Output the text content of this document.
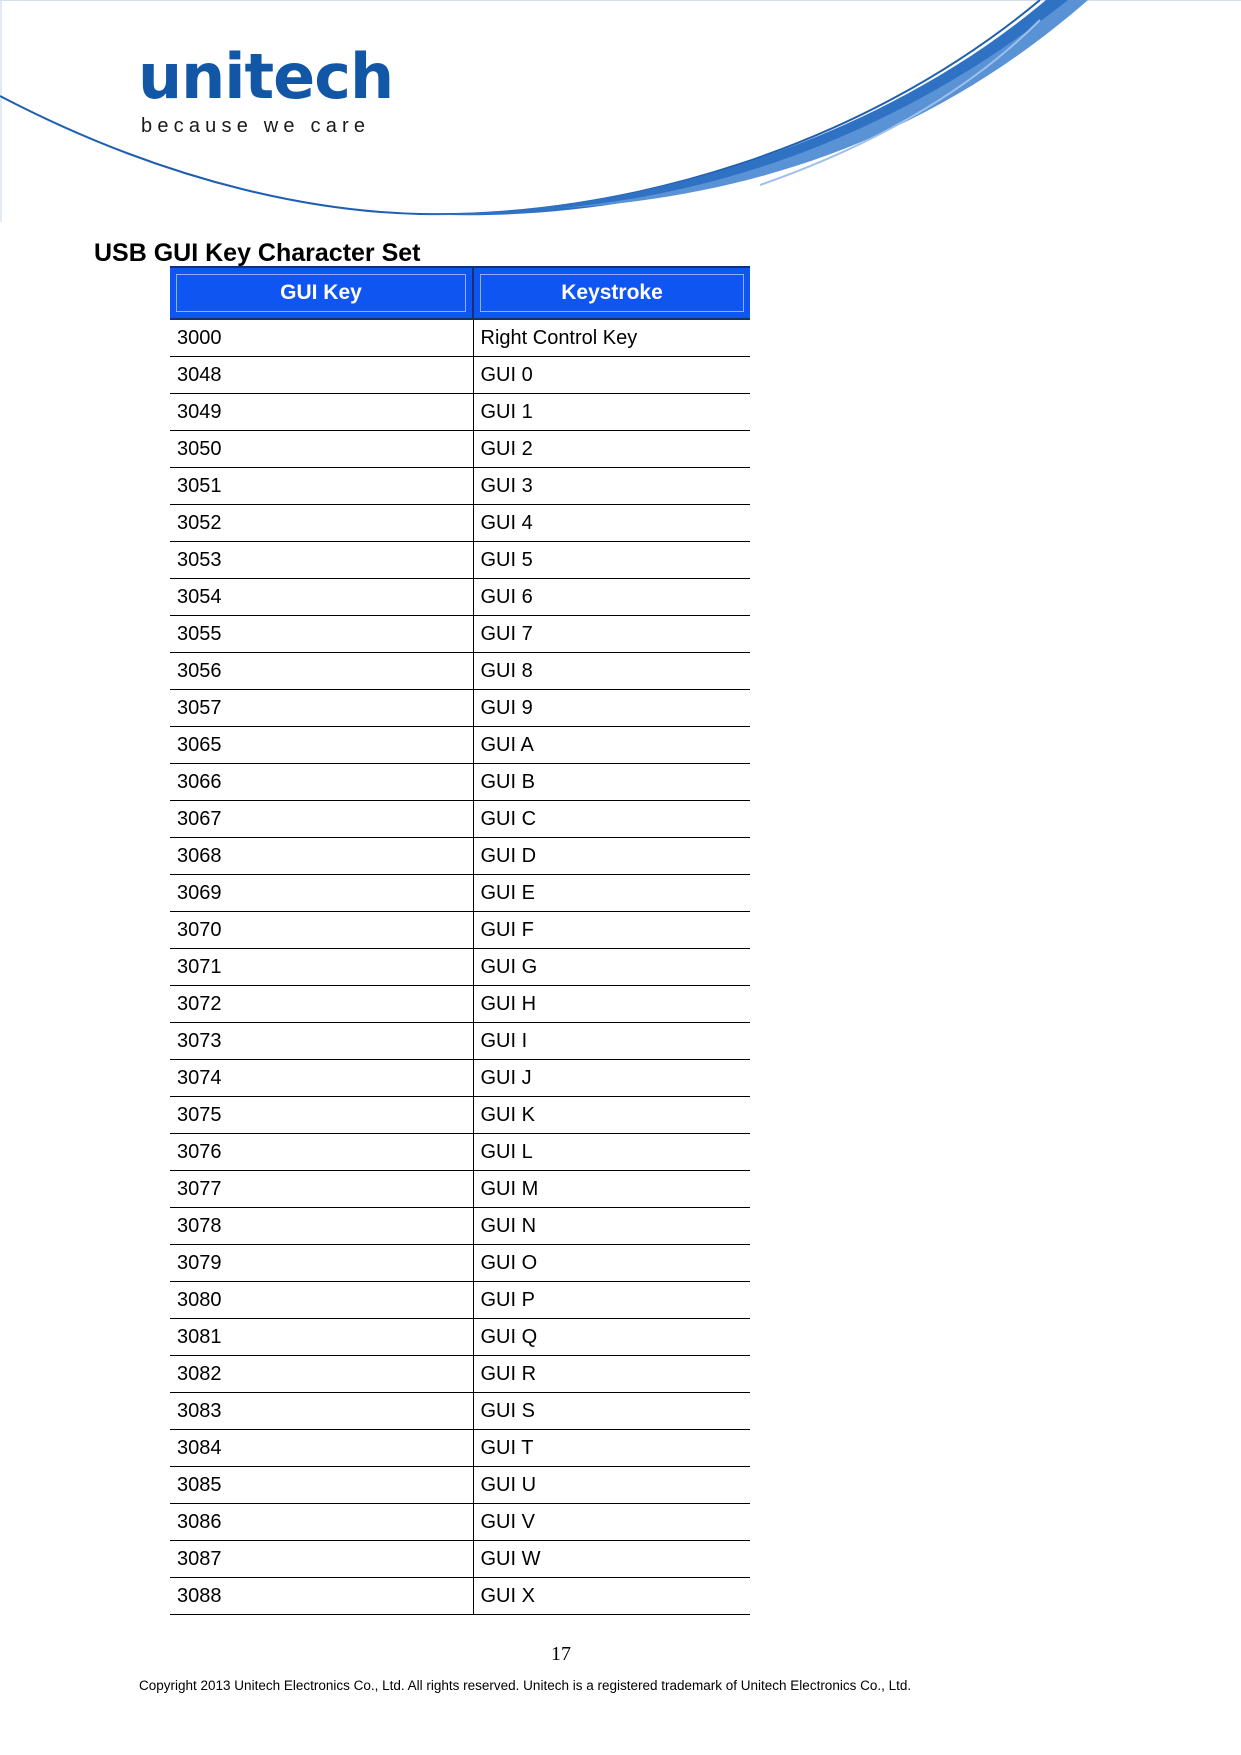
unitech
because we care
USB GUI Key Character Set
GUI Key	Keystroke
3000	Right Control Key
3048	GUI 0
3049	GUI 1
3050	GUI 2
3051	GUI 3
3052	GUI 4
3053	GUI 5
3054	GUI 6
3055	GUI 7
3056	GUI 8
3057	GUI 9
3065	GUI A
3066	GUI B
3067	GUI C
3068	GUI D
3069	GUI E
3070	GUI F
3071	GUI G
3072	GUI H
3073	GUI I
3074	GUI J
3075	GUI K
3076	GUI L
3077	GUI M
3078	GUI N
3079	GUI O
3080	GUI P
3081	GUI Q
3082	GUI R
3083	GUI S
3084	GUI T
3085	GUI U
3086	GUI V
3087	GUI W
3088	GUI X
17
Copyright 2013 Unitech Electronics Co., Ltd. All rights reserved. Unitech is a registered trademark of Unitech Electronics Co., Ltd.
